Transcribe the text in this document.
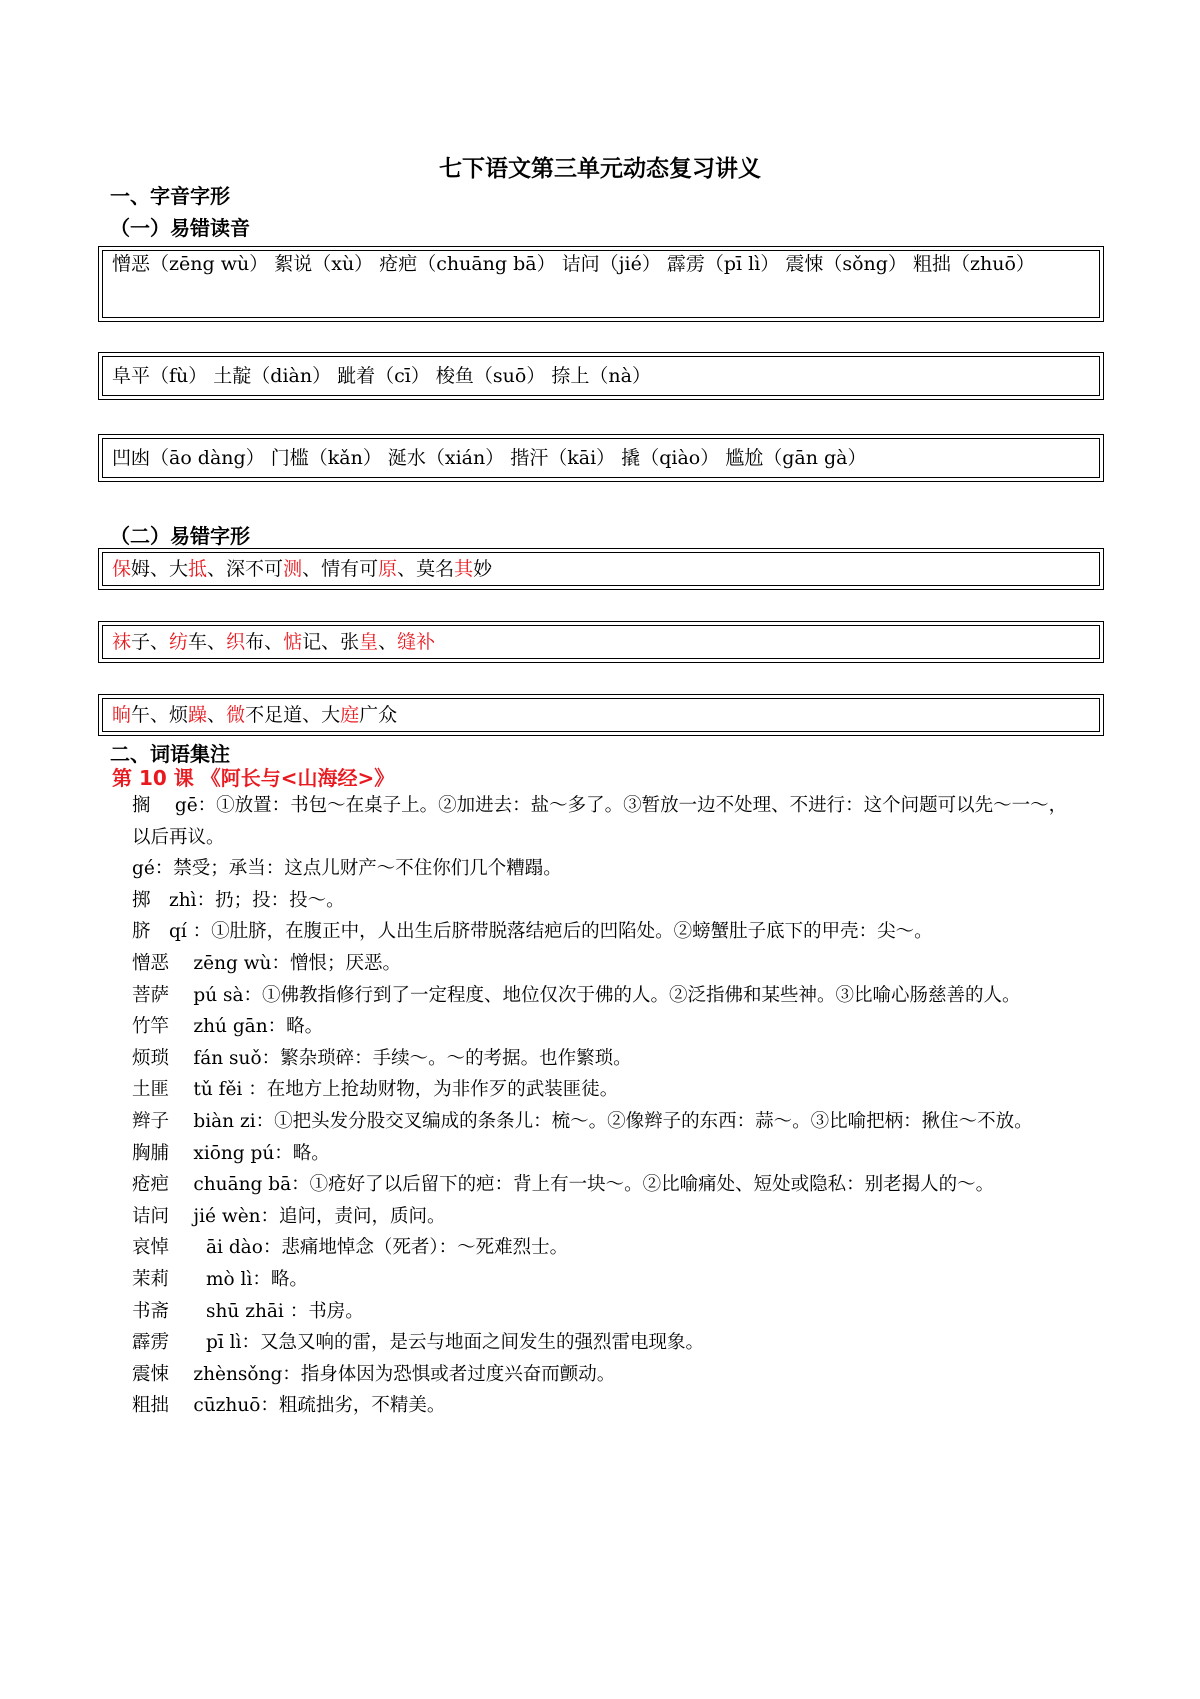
七下语文第三单元动态复习讲义
一、字音字形
（一）易错读音
憎恶（zēng wù） 絮说（xù） 疮疤（chuāng bā） 诘问（jié） 霹雳（pī lì） 震悚（sǒng） 粗拙（zhuō）
阜平（fù） 土靛（diàn） 跐着（cī） 梭鱼（suō） 捺上（nà）
凹凼（āo dàng） 门槛（kǎn） 涎水（xián） 揩汗（kāi） 撬（qiào） 尴尬（gān gà）
（二）易错字形
保姆、大抵、深不可测、情有可原、莫名其妙
袜子、纺车、织布、惦记、张皇、缝补
晌午、烦躁、微不足道、大庭广众
二、词语集注
第 10 课 《阿长与<山海经>》

搁　 gē：①放置：书包～在桌子上。②加进去：盐～多了。③暂放一边不处理、不进行：这个问题可以先～一～，以后再议。

gé：禁受；承当：这点儿财产～不住你们几个糟蹋。

掷　zhì：扔；投：投～。

脐　qí ：①肚脐，在腹正中，人出生后脐带脱落结疤后的凹陷处。②螃蟹肚子底下的甲壳：尖～。

憎恶　 zēng wù：憎恨；厌恶。

菩萨　 pú sà：①佛教指修行到了一定程度、地位仅次于佛的人。②泛指佛和某些神。③比喻心肠慈善的人。

竹竿　 zhú gān：略。

烦琐　 fán suǒ：繁杂琐碎：手续～。～的考据。也作繁琐。

土匪　 tǔ fěi ：在地方上抢劫财物，为非作歹的武装匪徒。

辫子　 biàn zi：①把头发分股交叉编成的条条儿：梳～。②像辫子的东西：蒜～。③比喻把柄：揪住～不放。

胸脯　 xiōng pú：略。

疮疤　 chuāng bā：①疮好了以后留下的疤：背上有一块～。②比喻痛处、短处或隐私：别老揭人的～。

诘问　 jié wèn：追问，责问，质问。

哀悼　　āi dào：悲痛地悼念（死者）：～死难烈士。

茉莉　　mò lì：略。

书斋　　shū zhāi ：书房。

霹雳　　pī lì：又急又响的雷，是云与地面之间发生的强烈雷电现象。

震悚　 zhènsǒng：指身体因为恐惧或者过度兴奋而颤动。

粗拙　 cūzhuō：粗疏拙劣，不精美。
